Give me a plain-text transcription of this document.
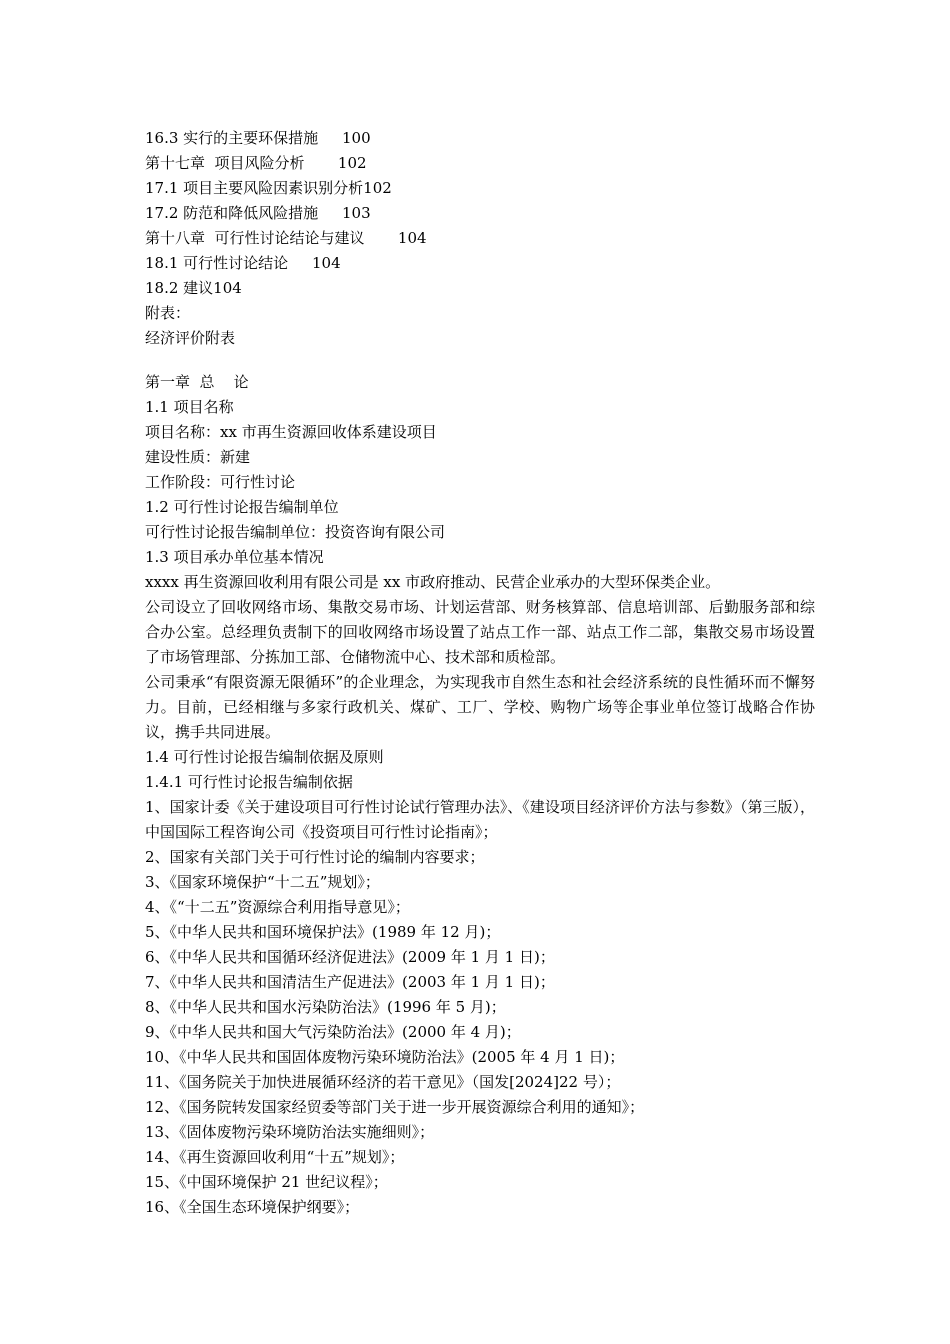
16.3 实行的主要环保措施     100
第十七章  项目风险分析       102
17.1 项目主要风险因素识别分析102
17.2 防范和降低风险措施     103
第十八章  可行性讨论结论与建议       104
18.1 可行性讨论结论     104
18.2 建议104
附表：
经济评价附表
第一章  总    论
1.1 项目名称
项目名称：xx 市再生资源回收体系建设项目
建设性质：新建
工作阶段：可行性讨论
1.2 可行性讨论报告编制单位
可行性讨论报告编制单位：投资咨询有限公司
1.3 项目承办单位基本情况
xxxx 再生资源回收利用有限公司是 xx 市政府推动、民营企业承办的大型环保类企业。

公司设立了回收网络市场、集散交易市场、计划运营部、财务核算部、信息培训部、后勤服务部和综合办公室。总经理负责制下的回收网络市场设置了站点工作一部、站点工作二部，集散交易市场设置了市场管理部、分拣加工部、仓储物流中心、技术部和质检部。

公司秉承“有限资源无限循环”的企业理念，为实现我市自然生态和社会经济系统的良性循环而不懈努力。目前，已经相继与多家行政机关、煤矿、工厂、学校、购物广场等企事业单位签订战略合作协议，携手共同进展。

1.4 可行性讨论报告编制依据及原则
1.4.1 可行性讨论报告编制依据

1、国家计委《关于建设项目可行性讨论试行管理办法》、《建设项目经济评价方法与参数》（第三版），中国国际工程咨询公司《投资项目可行性讨论指南》；

2、国家有关部门关于可行性讨论的编制内容要求；
3、《国家环境保护“十二五”规划》；
4、《“十二五”资源综合利用指导意见》；
5、《中华人民共和国环境保护法》(1989 年 12 月)；
6、《中华人民共和国循环经济促进法》(2009 年 1 月 1 日)；
7、《中华人民共和国清洁生产促进法》(2003 年 1 月 1 日)；
8、《中华人民共和国水污染防治法》(1996 年 5 月)；
9、《中华人民共和国大气污染防治法》(2000 年 4 月)；
10、《中华人民共和国固体废物污染环境防治法》(2005 年 4 月 1 日)；
11、《国务院关于加快进展循环经济的若干意见》（国发[2024]22 号）；
12、《国务院转发国家经贸委等部门关于进一步开展资源综合利用的通知》；
13、《固体废物污染环境防治法实施细则》；
14、《再生资源回收利用“十五”规划》；
15、《中国环境保护 21 世纪议程》；
16、《全国生态环境保护纲要》；
